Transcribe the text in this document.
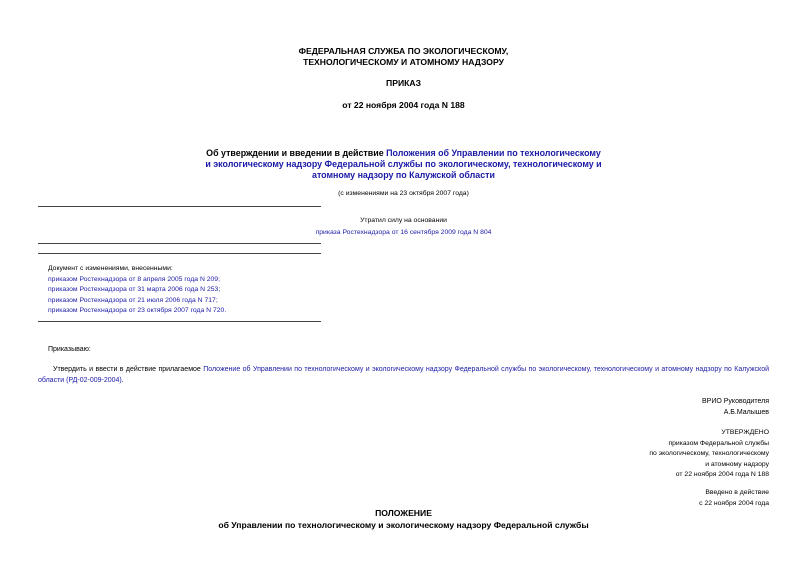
ФЕДЕРАЛЬНАЯ СЛУЖБА ПО ЭКОЛОГИЧЕСКОМУ,
ТЕХНОЛОГИЧЕСКОМУ И АТОМНОМУ НАДЗОРУ
ПРИКАЗ
от 22 ноября 2004 года N 188
Об утверждении и введении в действие Положения об Управлении по технологическому
и экологическому надзору Федеральной службы по экологическому, технологическому и
атомному надзору по Калужской области
(с изменениями на 23 октября 2007 года)
Утратил силу на основании
приказа Ростехнадзора от 16 сентября 2009 года N 804
Документ с изменениями, внесенными:
приказом Ростехнадзора от 8 апреля 2005 года N 209;
приказом Ростехнадзора от 31 марта 2006 года N 253;
приказом Ростехнадзора от 21 июля 2006 года N 717;
приказом Ростехнадзора от 23 октября 2007 года N 720.
Приказываю:
Утвердить и ввести в действие прилагаемое Положение об Управлении по технологическому и экологическому надзору Федеральной службы по экологическому, технологическому и атомному надзору по Калужской области (РД-02-009-2004).
ВРИО Руководителя
А.Б.Малышев
УТВЕРЖДЕНО
приказом Федеральной службы
по экологическому, технологическому
и атомному надзору
от 22 ноября 2004 года N 188
Введено в действие
с 22 ноября 2004 года
ПОЛОЖЕНИЕ
об Управлении по технологическому и экологическому надзору Федеральной службы
